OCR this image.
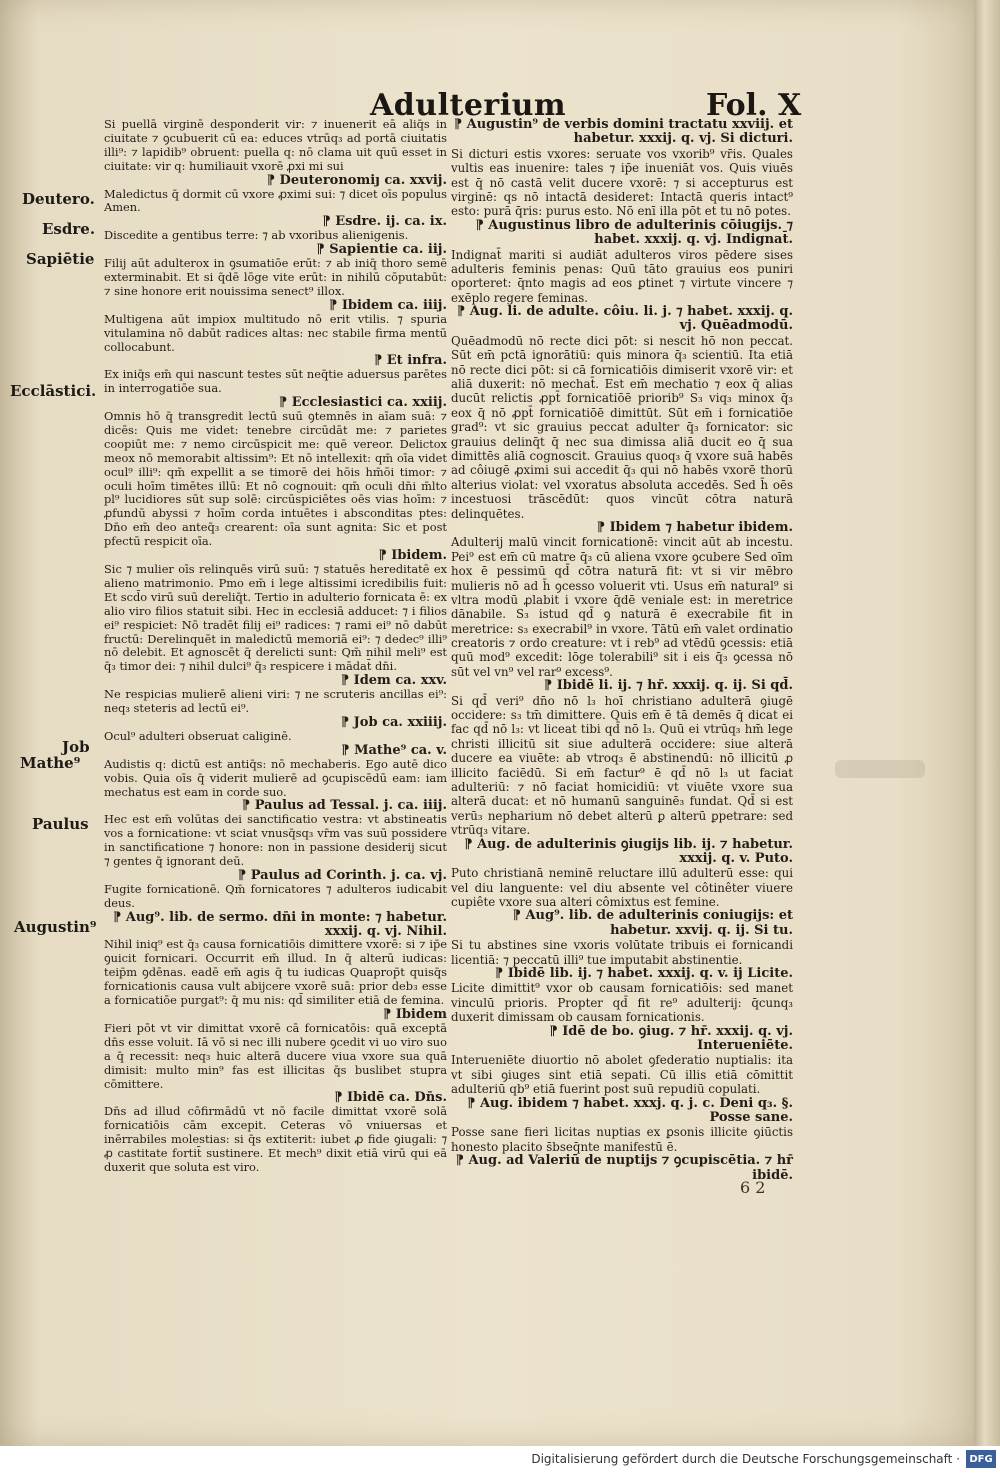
Adulterium	Fol. X
Deutero.
Esdre.
Sapiētie
Ecclāstici.
Job
Mathe⁹
Paulus
Augustin⁹

Si puellā virginē desponderit vir: ⁊ inuenerit eā aliq̄s in ciuitate ⁊ ꝯcubuerit cū ea: educes vtrūq₃ ad portā ciuitatis illi⁹: ⁊ lapidib⁹ obruent: puella q: nō clama uit quū esset in ciuitate: vir q: humiliauit vxorē ꝓxi mi sui

⁋ Deuteronomiȷ ca. xxvij.

Maledictus q̄ dormit cū vxore ꝓximi sui: ⁊ dicet oīs populus Amen.

⁋ Esdre. ij. ca. ix.

Discedite a gentibus terre: ⁊ ab vxoribus alienigenis.

⁋ Sapientie ca. iij.

Filij aūt adulterox in ꝯsumatiōe erūt: ⁊ ab iniq̄ thoro semē exterminabit. Et si q̄dē lōge vite erūt: in nihilū cōputabūt: ⁊ sine honore erit nouissima senect⁹ illox.

⁋ Ibidem ca. iiij.

Multigena aūt impiox multitudo nō erit vtilis. ⁊ spuria vitulamina nō dabūt radices altas: nec stabile firma mentū collocabunt.

⁋ Et infra.

Ex iniq̄s em̄ qui nascunt testes sūt neq̄tie aduersus parētes in interrogatiōe sua.

⁋ Ecclesiastici ca. xxiij.

Omnis hō q̄ transgredit lectū suū ꝯtemnēs in aīam suā: ⁊ dicēs: Quis me videt: tenebre circūdāt me: ⁊ parietes coopiūt me: ⁊ nemo circūspicit me: quē vereor. Delictox meox nō memorabit altissim⁹: Et nō intellexit: qm̄ oīa videt ocul⁹ illi⁹: qm̄ expellit a se timorē dei hōis hm̄ōi timor: ⁊ oculi hoīm timētes illū: Et nō cognouit: qm̄ oculi dn̄i m̄lto pl⁹ lucidiores sūt sup solē: circūspiciētes oēs vias hoīm: ⁊ ꝓfundū abyssi ⁊ hoīm corda intuētes i absconditas ptes: Dn̄o em̄ deo anteq̄₃ crearent: oīa sunt agnita: Sic et post pfectū respicit oīa.

⁋ Ibidem.

Sic ⁊ mulier oīs relinquēs virū suū: ⁊ statuēs hereditatē ex alieno matrimonio. Pmo em̄ i lege altissimi icredibilis fuit: Et scd̄o virū suū dereliq̄t. Tertio in adulterio fornicata ē: ex alio viro filios statuit sibi. Hec in ecclesiā adducet: ⁊ i filios ei⁹ respiciet: Nō tradēt filij ei⁹ radices: ⁊ rami ei⁹ nō dabūt fructū: Derelinquēt in maledictū memoriā ei⁹: ⁊ dedec⁹ illi⁹ nō delebit. Et agnoscēt q̄ derelicti sunt: Qm̄ nihil meli⁹ est q̄₃ timor dei: ⁊ nihil dulci⁹ q̄₃ respicere i mādat̄ dn̄i.

⁋ Idem ca. xxv.

Ne respicias mulierē alieni viri: ⁊ ne scruteris ancillas ei⁹: neq₃ steteris ad lectū ei⁹.

⁋ Job ca. xxiiij.

Ocul⁹ adulteri obseruat caliginē.

⁋ Mathe⁹ ca. v.

Audistis q: dictū est antiq̄s: nō mechaberis. Ego autē dico vobis. Quia oīs q̄ viderit mulierē ad ꝯcupiscēdū eam: iam mechatus est eam in corde suo.

⁋ Paulus ad Tessal. j. ca. iiij.

Hec est em̄ volūtas dei sanctificatio vestra: vt abstineatis vos a fornicatione: vt sciat vnusq̄sq₃ vr̄m vas suū possidere in sanctificatione ⁊ honore: non in passione desiderij sicut ⁊ gentes q̄ ignorant deū.

⁋ Paulus ad Corinth. j. ca. vj.

Fugite fornicationē. Qm̄ fornicatores ⁊ adulteros iudicabit deus.

⁋ Aug⁹. lib. de sermo. dn̄i in monte: ⁊ habetur. xxxij. q. vj. Nihil.

Nihil iniq⁹ est q̄₃ causa fornicatiōis dimittere vxorē: si ⁊ ip̄e ꝯuicit fornicari. Occurrit em̄ illud. In q̄ alterū iudicas: teip̄m ꝯdēnas. eadē em̄ agis q̄ tu iudicas Quaprop̄t quisq̄s fornicationis causa vult abijcere vxorē suā: prior deb₃ esse a fornicatiōe purgat⁹: q̄ mu nis: qd̄ similiter etiā de femina.

⁋ Ibidem

Fieri pōt vt vir dimittat vxorē cā fornicatōis: quā exceptā dn̄s esse voluit. Iā vō si nec illi nubere ꝯcedit vi uo viro suo a q̄ recessit: neq₃ huic alterā ducere viua vxore sua quā dimisit: multo min⁹ fas est illicitas q̄s buslibet stupra cōmittere.

⁋ Ibidē ca. Dn̄s.

Dn̄s ad illud cōfirmādū vt nō facile dimittat vxorē solā fornicatiōis cām excepit. Ceteras vō vniuersas et inērrabiles molestias: si q̄s extiterit: iubet ꝓ fide ꝯiugali: ⁊ ꝓ castitate fortit̄ sustinere. Et mech⁹ dixit etiā virū qui eā duxerit que soluta est viro.

⁋ Augustin⁹ de verbis domini tractatu xxviij. et habetur. xxxij. q. vj. Si dicturi.

Si dicturi estis vxores: seruate vos vxorib⁹ vr̄is. Quales vultis eas inuenire: tales ⁊ ip̄e inueniāt vos. Quis viuēs est q̄ nō castā velit ducere vxorē: ⁊ si accepturus est virginē: qs nō intactā desideret: Intactā queris intact⁹ esto: purā q̄ris: purus esto. Nō enī illa pōt et tu nō potes.

⁋ Augustinus libro de adulterinis cōiugijs. ⁊ habet. xxxij. q. vj. Indignat̄.

Indignat̄ mariti si audiāt adulteros viros pēdere sises adulteris feminis penas: Quū tāto grauius eos puniri oporteret: q̄nto magis ad eos ꝑtinet ⁊ virtute vincere ⁊ exēplo regere feminas.

⁋ Aug. li. de adulte. côiu. li. j. ⁊ habet. xxxij. q. vj. Quēadmodū.

Quēadmodū nō recte dici pōt: si nescit hō non peccat. Sūt em̄ pctā ignorātiū: quis minora q̄₃ scientiū. Ita etiā nō recte dici pōt: si cā fornicatiōis dimiserit vxorē vir: et aliā duxerit: nō mechat̄. Est em̄ mechatio ⁊ eox q̄ alias ducūt relictis ꝓpt̄ fornicatiōē priorib⁹ S₃ viq₃ minox q̄₃ eox q̄ nō ꝓpt̄ fornicatiōē dimittūt. Sūt em̄ i fornicatiōe grad⁹: vt sic grauius peccat adulter q̄₃ fornicator: sic grauius delinq̄t q̄ nec sua dimissa aliā ducit eo q̄ sua dimittēs aliā cognoscit. Grauius quoq₃ q̄ vxore suā habēs ad côiugē ꝓximi sui accedit q̄₃ qui nō habēs vxorē thorū alterius violat: vel vxoratus absoluta accedēs. Sed h̄ oēs incestuosi trāscēdūt: quos vincūt cōtra naturā delinquētes.

⁋ Ibidem ⁊ habetur ibidem.

Adulterij malū vincit fornicationē: vincit aūt ab incestu. Pei⁹ est em̄ cū matre q̄₃ cū aliena vxore ꝯcubere Sed oīm hox ē pessimū qd̄ cōtra naturā fit: vt si vir mēbro mulieris nō ad h̄ ꝯcesso voluerit vti. Usus em̄ natural⁹ si vltra modū ꝓlabit i vxore q̄dē veniale est: in meretrice dānabile. S₃ istud qd̄ ꝯ naturā ē execrabile fit in meretrice: s₃ execrabil⁹ in vxore. Tātū em̄ valet ordinatio creatoris ⁊ ordo creature: vt i reb⁹ ad vtēdū ꝯcessis: etiā quū mod⁹ excedit: lōge tolerabili⁹ sit i eis q̄₃ ꝯcessa nō sūt vel vn⁹ vel rar⁹ excess⁹.

⁋ Ibidē li. ij. ⁊ hr̄. xxxij. q. ij. Si qd̄.

Si qd̄ veri⁹ dn̄o nō l₃ hoī christiano adulterā ꝯiugē occidere: s₃ tm̄ dimittere. Quis em̄ ē tā demēs q̄ dicat ei fac qd̄ nō l₃: vt liceat tibi qd̄ nō l₃. Quū ei vtrūq₃ hm̄ lege christi illicitū sit siue adulterā occidere: siue alterā ducere ea viuēte: ab vtroq₃ ē abstinendū: nō illicitū ꝓ illicito faciēdū. Si em̄ factur⁹ ē qd̄ nō l₃ ut faciat adulteriū: ⁊ nō faciat homicidiū: vt viuēte vxore sua alterā ducat: et nō humanū sanguinē₃ fundat. Qd̄ si est verū₃ nepharium nō debet alterū ꝑ alterū ꝑpetrare: sed vtrūq₃ vitare.

⁋ Aug. de adulterinis ꝯiugijs lib. ij. ⁊ habetur. xxxij. q. v. Puto.

Puto christianā neminē reluctare illū adulterū esse: qui vel diu languente: vel diu absente vel côtinêter viuere cupiête vxore sua alteri cômixtus est femine.

⁋ Aug⁹. lib. de adulterinis coniugijs: et habetur. xxvij. q. ij. Si tu.

Si tu abstines sine vxoris volūtate tribuis ei fornicandi licentiā: ⁊ peccatū illi⁹ tue imputabit abstinentie.

⁋ Ibidē lib. ij. ⁊ habet. xxxij. q. v. ij Licite.

Licite dimittit⁹ vxor ob causam fornicatiōis: sed manet vinculū prioris. Propter qd̄ fit re⁹ adulterij: q̄cunq₃ duxerit dimissam ob causam fornicationis.

⁋ Idē de bo. ꝯiug. ⁊ hr̄. xxxij. q. vj. Interueniēte.

Interueniēte diuortio nō abolet ꝯfederatio nuptialis: ita vt sibi ꝯiuges sint etiā sepati. Cū illis etiā cōmittit adulteriū qb⁹ etiā fuerint post suū repudiū copulati.

⁋ Aug. ibidem ⁊ habet. xxxj. q. j. c. Deni q₃. §. Posse sane.

Posse sane fieri licitas nuptias ex ꝑsonis illicite ꝯiūctis honesto placito s̄bseq̄nte manifestū ē.

⁋ Aug. ad Valeriū de nuptijs ⁊ ꝯcupiscētia. ⁊ hr̄ ibidē.

6 2
Digitalisierung gefördert durch die Deutsche Forschungsgemeinschaft · DFG
